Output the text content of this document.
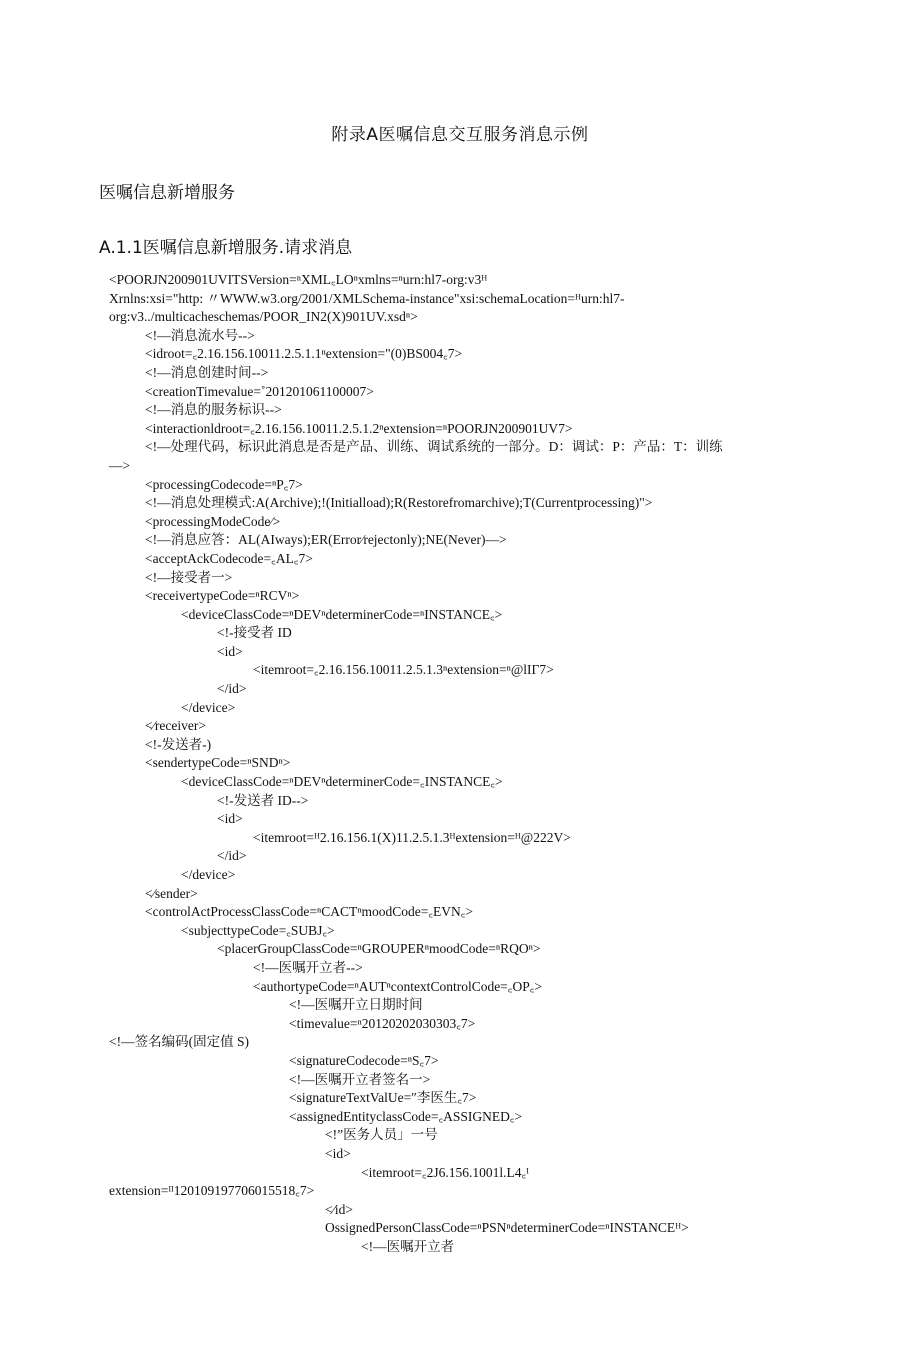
附录A医嘱信息交互服务消息示例
医嘱信息新增服务
A.1.1医嘱信息新增服务.请求消息
<POORJN200901UVITSVersion=ⁿXML꜀LOⁿxmlns=ⁿurn:hl7-org:v3ᴴ
Xrnlns:xsi="http: 〃WWW.w3.org/2001/XMLSchema-instance"xsi:schemaLocation=ᴴurn:hl7-
org:v3../multicacheschemas/POOR_IN2(X)901UV.xsdⁿ>
<!—消息流水号-->
<idroot=꜀2.16.156.10011.2.5.1.1ⁿextension="(0)BS004꜀7>
<!—消息创建时间-->
<creationTimevalue=˚201201061100007>
<!—消息的服务标识-->
<interactionldroot=꜀2.16.156.10011.2.5.1.2ⁿextension=ⁿPOORJN200901UV7>
<!—处理代码，标识此消息是否是产品、训练、调试系统的一部分。D：调试：P：产品：T：训练
—>
<processingCodecode=ⁿP꜀7>
<!—消息处理模式:A(Archive);!(Initialload);R(Restorefromarchive);T(Currentprocessing)">
<processingModeCode⁄>
<!—消息应答：AL(AIways);ER(Error⁄rejectonly);NE(Never)—>
<acceptAckCodecode=꜀AL꜀7>
<!—接受者一>
<receivertypeCode=ⁿRCVⁿ>
<deviceClassCode=ⁿDEVⁿdeterminerCode=ⁿINSTANCE꜀>
<!-接受者 ID
<id>
<itemroot=꜀2.16.156.10011.2.5.1.3ⁿextension=ⁿ@lIΓ7>
</id>
</device>
<⁄receiver>
<!-发送者-)
<sendertypeCode=ⁿSNDⁿ>
<deviceClassCode=ⁿDEVⁿdeterminerCode=꜀INSTANCE꜀>
<!-发送者 ID-->
<id>
<itemroot=ᴴ2.16.156.1(X)11.2.5.1.3ᴴextension=ᴴ@222V>
</id>
</device>
<⁄sender>
<controlActProcessClassCode=ⁿCACTⁿmoodCode=꜀EVN꜀>
<subjecttypeCode=꜀SUBJ꜀>
<placerGroupClassCode=ⁿGROUPERⁿmoodCode=ⁿRQOⁿ>
<!—医嘱开立者-->
<authortypeCode=ⁿAUTⁿcontextControlCode=꜀OP꜀>
<!—医嘱开立日期时间
<timevalue=ⁿ20120202030303꜀7>
<!—签名编码(固定值 S)
<signatureCodecode=ⁿS꜀7>
<!—医嘱开立者签名一>
<signatureTextValUe=″李医生꜀7>
<assignedEntityclassCode=꜀ASSIGNED꜀>
<!”医务人员」一号
<id>
<itemroot=꜀2J6.156.1001l.L4꜀ᴵ
extension=ᴵᴵ120109197706015518꜀7>
<⁄id>
OssignedPersonClassCode=ⁿPSNⁿdeterminerCode=ⁿINSTANCEᴴ>
<!—医嘱开立者
